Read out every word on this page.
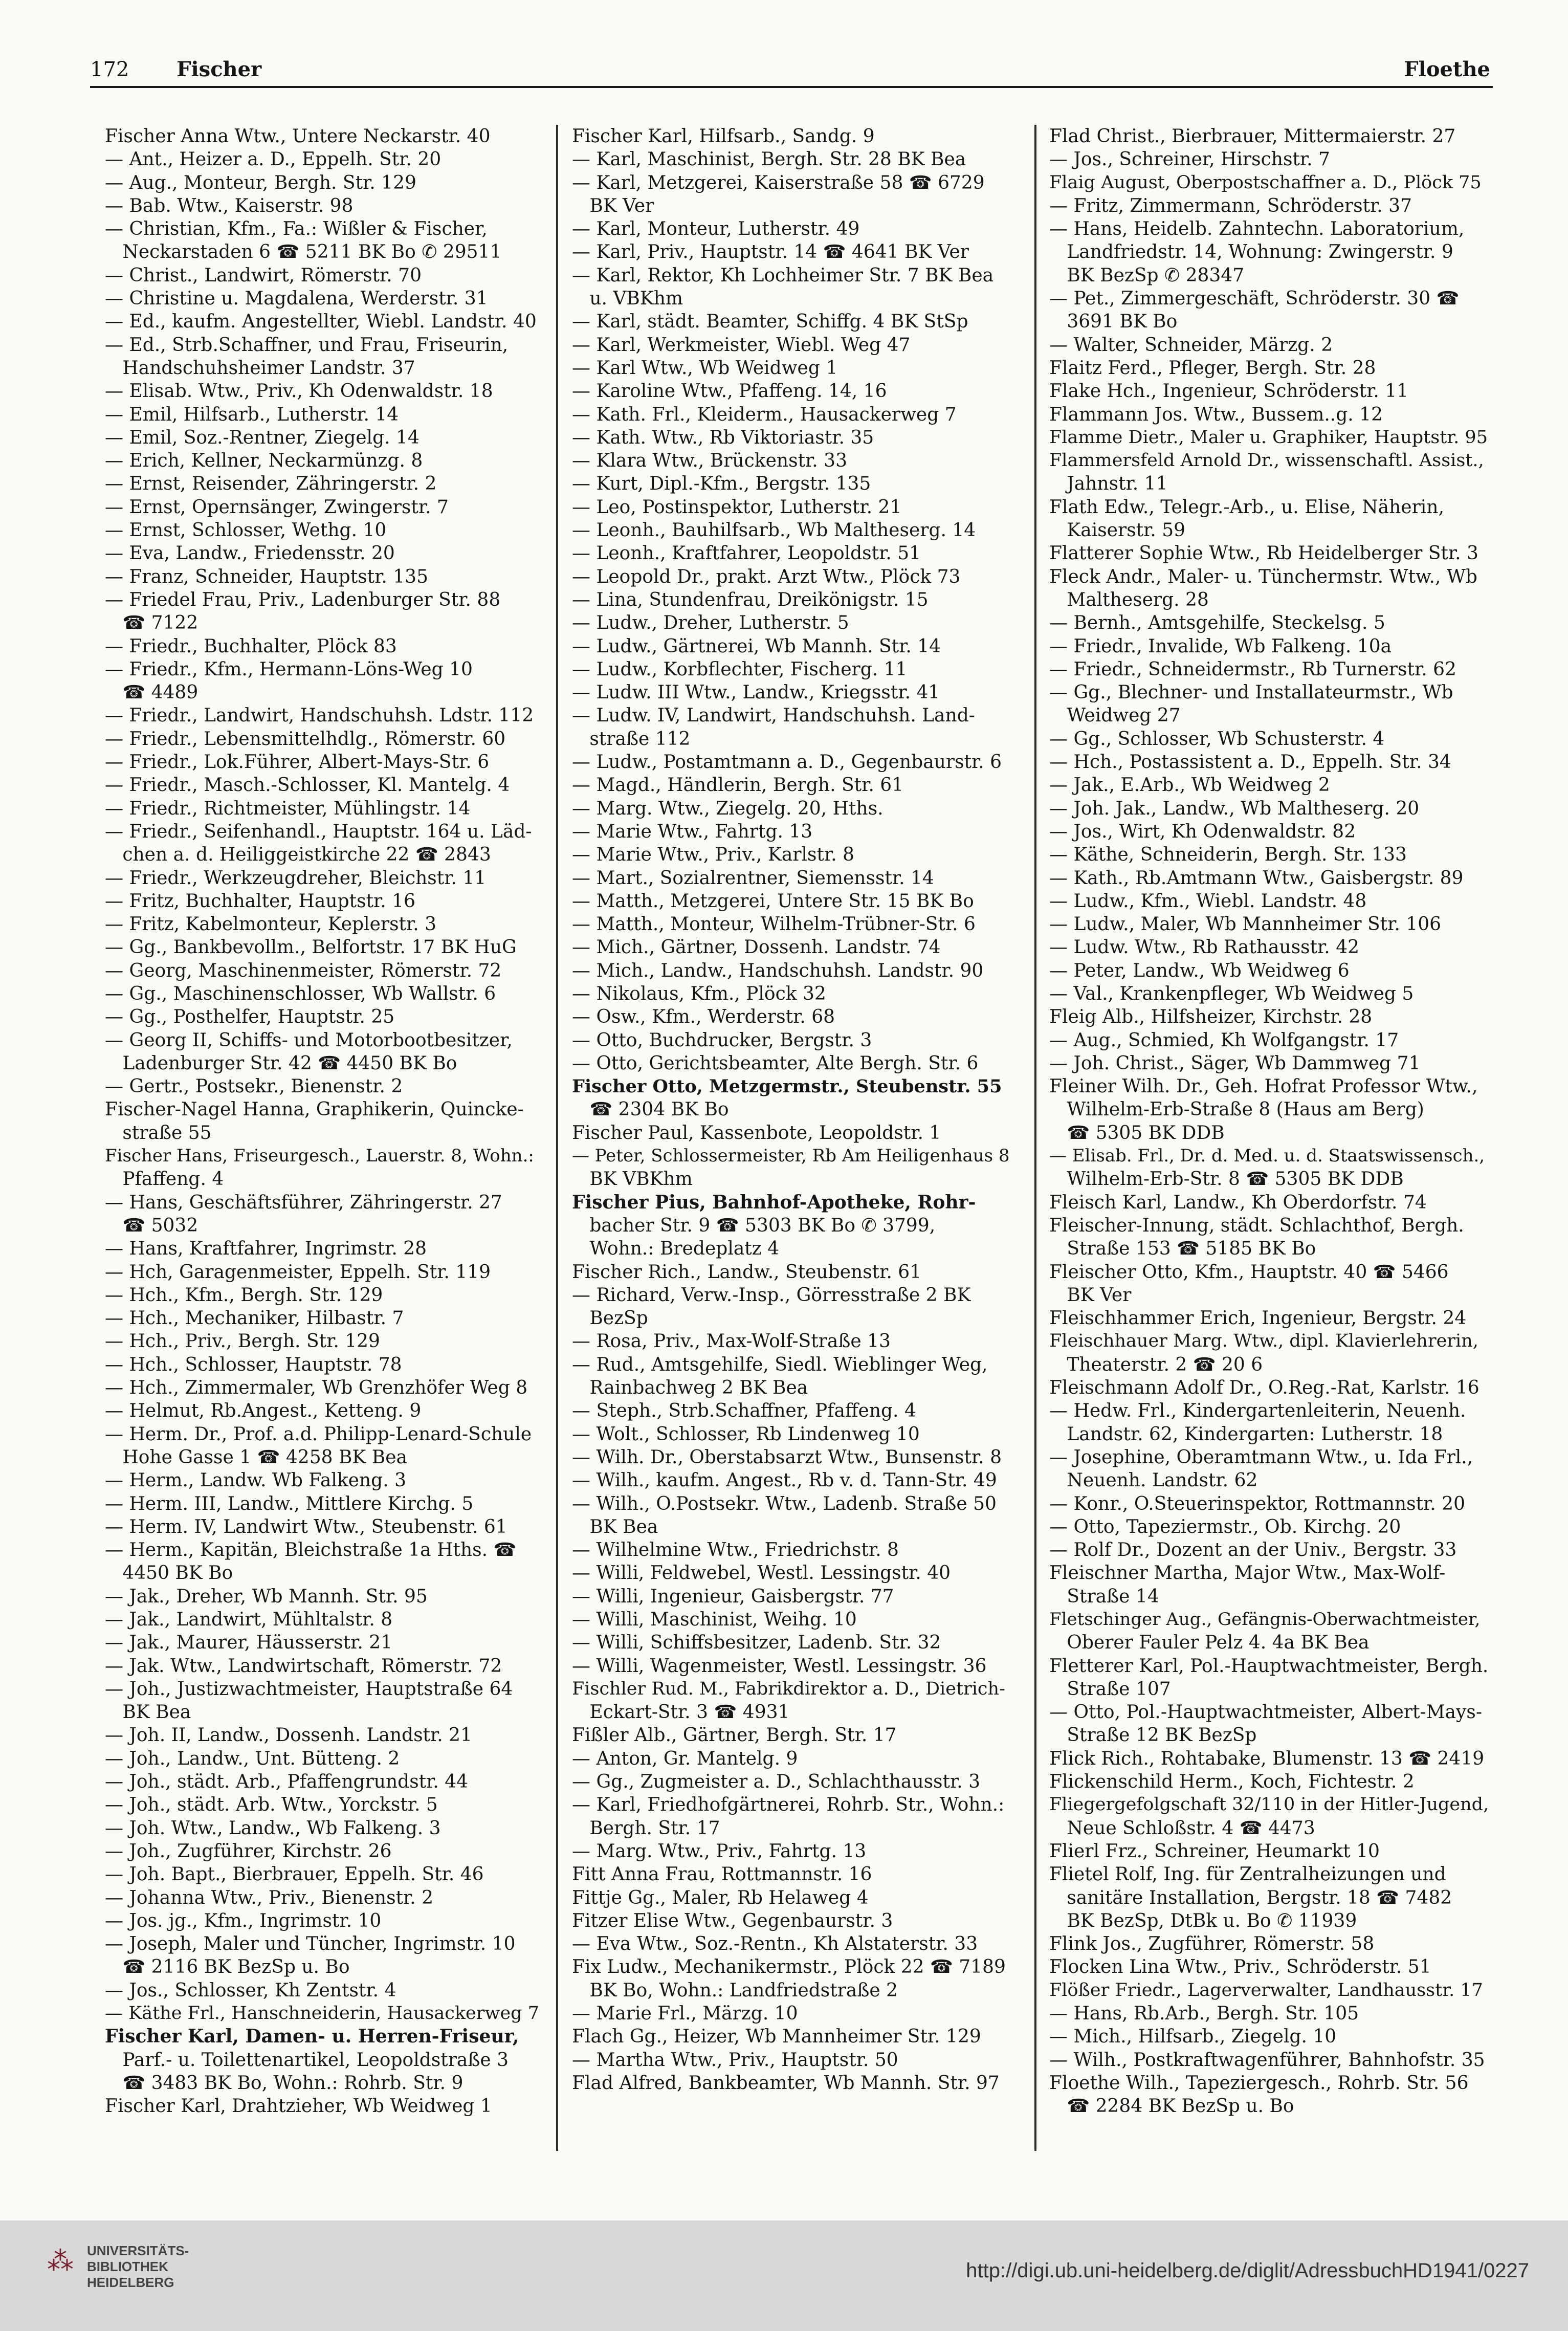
172 Fischer	Floethe
Fischer Anna Wtw., Untere Neckarstr. 40
— Ant., Heizer a. D., Eppelh. Str. 20
— Aug., Monteur, Bergh. Str. 129
— Bab. Wtw., Kaiserstr. 98
— Christian, Kfm., Fa.: Wißler & Fischer,
Neckarstaden 6 ☎ 5211 BK Bo ✆ 29511
— Christ., Landwirt, Römerstr. 70
— Christine u. Magdalena, Werderstr. 31
— Ed., kaufm. Angestellter, Wiebl. Landstr. 40
— Ed., Strb.Schaffner, und Frau, Friseurin,
Handschuhsheimer Landstr. 37
— Elisab. Wtw., Priv., Kh Odenwaldstr. 18
— Emil, Hilfsarb., Lutherstr. 14
— Emil, Soz.-Rentner, Ziegelg. 14
— Erich, Kellner, Neckarmünzg. 8
— Ernst, Reisender, Zähringerstr. 2
— Ernst, Opernsänger, Zwingerstr. 7
— Ernst, Schlosser, Wethg. 10
— Eva, Landw., Friedensstr. 20
— Franz, Schneider, Hauptstr. 135
— Friedel Frau, Priv., Ladenburger Str. 88
☎ 7122
— Friedr., Buchhalter, Plöck 83
— Friedr., Kfm., Hermann-Löns-Weg 10
☎ 4489
— Friedr., Landwirt, Handschuhsh. Ldstr. 112
— Friedr., Lebensmittelhdlg., Römerstr. 60
— Friedr., Lok.Führer, Albert-Mays-Str. 6
— Friedr., Masch.-Schlosser, Kl. Mantelg. 4
— Friedr., Richtmeister, Mühlingstr. 14
— Friedr., Seifenhandl., Hauptstr. 164 u. Läd-
chen a. d. Heiliggeistkirche 22 ☎ 2843
— Friedr., Werkzeugdreher, Bleichstr. 11
— Fritz, Buchhalter, Hauptstr. 16
— Fritz, Kabelmonteur, Keplerstr. 3
— Gg., Bankbevollm., Belfortstr. 17 BK HuG
— Georg, Maschinenmeister, Römerstr. 72
— Gg., Maschinenschlosser, Wb Wallstr. 6
— Gg., Posthelfer, Hauptstr. 25
— Georg II, Schiffs- und Motorbootbesitzer,
Ladenburger Str. 42 ☎ 4450 BK Bo
— Gertr., Postsekr., Bienenstr. 2
Fischer-Nagel Hanna, Graphikerin, Quincke-
straße 55
Fischer Hans, Friseurgesch., Lauerstr. 8, Wohn.:
Pfaffeng. 4
— Hans, Geschäftsführer, Zähringerstr. 27
☎ 5032
— Hans, Kraftfahrer, Ingrimstr. 28
— Hch, Garagenmeister, Eppelh. Str. 119
— Hch., Kfm., Bergh. Str. 129
— Hch., Mechaniker, Hilbastr. 7
— Hch., Priv., Bergh. Str. 129
— Hch., Schlosser, Hauptstr. 78
— Hch., Zimmermaler, Wb Grenzhöfer Weg 8
— Helmut, Rb.Angest., Ketteng. 9
— Herm. Dr., Prof. a.d. Philipp-Lenard-Schule
Hohe Gasse 1 ☎ 4258 BK Bea
— Herm., Landw. Wb Falkeng. 3
— Herm. III, Landw., Mittlere Kirchg. 5
— Herm. IV, Landwirt Wtw., Steubenstr. 61
— Herm., Kapitän, Bleichstraße 1a Hths. ☎
4450 BK Bo
— Jak., Dreher, Wb Mannh. Str. 95
— Jak., Landwirt, Mühltalstr. 8
— Jak., Maurer, Häusserstr. 21
— Jak. Wtw., Landwirtschaft, Römerstr. 72
— Joh., Justizwachtmeister, Hauptstraße 64
BK Bea
— Joh. II, Landw., Dossenh. Landstr. 21
— Joh., Landw., Unt. Bütteng. 2
— Joh., städt. Arb., Pfaffengrundstr. 44
— Joh., städt. Arb. Wtw., Yorckstr. 5
— Joh. Wtw., Landw., Wb Falkeng. 3
— Joh., Zugführer, Kirchstr. 26
— Joh. Bapt., Bierbrauer, Eppelh. Str. 46
— Johanna Wtw., Priv., Bienenstr. 2
— Jos. jg., Kfm., Ingrimstr. 10
— Joseph, Maler und Tüncher, Ingrimstr. 10
☎ 2116 BK BezSp u. Bo
— Jos., Schlosser, Kh Zentstr. 4
— Käthe Frl., Hanschneiderin, Hausackerweg 7
Fischer Karl, Damen- u. Herren-Friseur,
Parf.- u. Toilettenartikel, Leopoldstraße 3
☎ 3483 BK Bo, Wohn.: Rohrb. Str. 9
Fischer Karl, Drahtzieher, Wb Weidweg 1
Fischer Karl, Hilfsarb., Sandg. 9
— Karl, Maschinist, Bergh. Str. 28 BK Bea
— Karl, Metzgerei, Kaiserstraße 58 ☎ 6729
BK Ver
— Karl, Monteur, Lutherstr. 49
— Karl, Priv., Hauptstr. 14 ☎ 4641 BK Ver
— Karl, Rektor, Kh Lochheimer Str. 7 BK Bea
u. VBKhm
— Karl, städt. Beamter, Schiffg. 4 BK StSp
— Karl, Werkmeister, Wiebl. Weg 47
— Karl Wtw., Wb Weidweg 1
— Karoline Wtw., Pfaffeng. 14, 16
— Kath. Frl., Kleiderm., Hausackerweg 7
— Kath. Wtw., Rb Viktoriastr. 35
— Klara Wtw., Brückenstr. 33
— Kurt, Dipl.-Kfm., Bergstr. 135
— Leo, Postinspektor, Lutherstr. 21
— Leonh., Bauhilfsarb., Wb Maltheserg. 14
— Leonh., Kraftfahrer, Leopoldstr. 51
— Leopold Dr., prakt. Arzt Wtw., Plöck 73
— Lina, Stundenfrau, Dreikönigstr. 15
— Ludw., Dreher, Lutherstr. 5
— Ludw., Gärtnerei, Wb Mannh. Str. 14
— Ludw., Korbflechter, Fischerg. 11
— Ludw. III Wtw., Landw., Kriegsstr. 41
— Ludw. IV, Landwirt, Handschuhsh. Land-
straße 112
— Ludw., Postamtmann a. D., Gegenbaurstr. 6
— Magd., Händlerin, Bergh. Str. 61
— Marg. Wtw., Ziegelg. 20, Hths.
— Marie Wtw., Fahrtg. 13
— Marie Wtw., Priv., Karlstr. 8
— Mart., Sozialrentner, Siemensstr. 14
— Matth., Metzgerei, Untere Str. 15 BK Bo
— Matth., Monteur, Wilhelm-Trübner-Str. 6
— Mich., Gärtner, Dossenh. Landstr. 74
— Mich., Landw., Handschuhsh. Landstr. 90
— Nikolaus, Kfm., Plöck 32
— Osw., Kfm., Werderstr. 68
— Otto, Buchdrucker, Bergstr. 3
— Otto, Gerichtsbeamter, Alte Bergh. Str. 6
Fischer Otto, Metzgermstr., Steubenstr. 55
☎ 2304 BK Bo
Fischer Paul, Kassenbote, Leopoldstr. 1
— Peter, Schlossermeister, Rb Am Heiligenhaus 8
BK VBKhm
Fischer Pius, Bahnhof-Apotheke, Rohr-
bacher Str. 9 ☎ 5303 BK Bo ✆ 3799,
Wohn.: Bredeplatz 4
Fischer Rich., Landw., Steubenstr. 61
— Richard, Verw.-Insp., Görresstraße 2 BK
BezSp
— Rosa, Priv., Max-Wolf-Straße 13
— Rud., Amtsgehilfe, Siedl. Wieblinger Weg,
Rainbachweg 2 BK Bea
— Steph., Strb.Schaffner, Pfaffeng. 4
— Wolt., Schlosser, Rb Lindenweg 10
— Wilh. Dr., Oberstabsarzt Wtw., Bunsenstr. 8
— Wilh., kaufm. Angest., Rb v. d. Tann-Str. 49
— Wilh., O.Postsekr. Wtw., Ladenb. Straße 50
BK Bea
— Wilhelmine Wtw., Friedrichstr. 8
— Willi, Feldwebel, Westl. Lessingstr. 40
— Willi, Ingenieur, Gaisbergstr. 77
— Willi, Maschinist, Weihg. 10
— Willi, Schiffsbesitzer, Ladenb. Str. 32
— Willi, Wagenmeister, Westl. Lessingstr. 36
Fischler Rud. M., Fabrikdirektor a. D., Dietrich-
Eckart-Str. 3 ☎ 4931
Fißler Alb., Gärtner, Bergh. Str. 17
— Anton, Gr. Mantelg. 9
— Gg., Zugmeister a. D., Schlachthausstr. 3
— Karl, Friedhofgärtnerei, Rohrb. Str., Wohn.:
Bergh. Str. 17
— Marg. Wtw., Priv., Fahrtg. 13
Fitt Anna Frau, Rottmannstr. 16
Fittje Gg., Maler, Rb Helaweg 4
Fitzer Elise Wtw., Gegenbaurstr. 3
— Eva Wtw., Soz.-Rentn., Kh Alstaterstr. 33
Fix Ludw., Mechanikermstr., Plöck 22 ☎ 7189
BK Bo, Wohn.: Landfriedstraße 2
— Marie Frl., Märzg. 10
Flach Gg., Heizer, Wb Mannheimer Str. 129
— Martha Wtw., Priv., Hauptstr. 50
Flad Alfred, Bankbeamter, Wb Mannh. Str. 97
Flad Christ., Bierbrauer, Mittermaierstr. 27
— Jos., Schreiner, Hirschstr. 7
Flaig August, Oberpostschaffner a. D., Plöck 75
— Fritz, Zimmermann, Schröderstr. 37
— Hans, Heidelb. Zahntechn. Laboratorium,
Landfriedstr. 14, Wohnung: Zwingerstr. 9
BK BezSp ✆ 28347
— Pet., Zimmergeschäft, Schröderstr. 30 ☎
3691 BK Bo
— Walter, Schneider, Märzg. 2
Flaitz Ferd., Pfleger, Bergh. Str. 28
Flake Hch., Ingenieur, Schröderstr. 11
Flammann Jos. Wtw., Bussem..g. 12
Flamme Dietr., Maler u. Graphiker, Hauptstr. 95
Flammersfeld Arnold Dr., wissenschaftl. Assist.,
Jahnstr. 11
Flath Edw., Telegr.-Arb., u. Elise, Näherin,
Kaiserstr. 59
Flatterer Sophie Wtw., Rb Heidelberger Str. 3
Fleck Andr., Maler- u. Tünchermstr. Wtw., Wb
Maltheserg. 28
— Bernh., Amtsgehilfe, Steckelsg. 5
— Friedr., Invalide, Wb Falkeng. 10a
— Friedr., Schneidermstr., Rb Turnerstr. 62
— Gg., Blechner- und Installateurmstr., Wb
Weidweg 27
— Gg., Schlosser, Wb Schusterstr. 4
— Hch., Postassistent a. D., Eppelh. Str. 34
— Jak., E.Arb., Wb Weidweg 2
— Joh. Jak., Landw., Wb Maltheserg. 20
— Jos., Wirt, Kh Odenwaldstr. 82
— Käthe, Schneiderin, Bergh. Str. 133
— Kath., Rb.Amtmann Wtw., Gaisbergstr. 89
— Ludw., Kfm., Wiebl. Landstr. 48
— Ludw., Maler, Wb Mannheimer Str. 106
— Ludw. Wtw., Rb Rathausstr. 42
— Peter, Landw., Wb Weidweg 6
— Val., Krankenpfleger, Wb Weidweg 5
Fleig Alb., Hilfsheizer, Kirchstr. 28
— Aug., Schmied, Kh Wolfgangstr. 17
— Joh. Christ., Säger, Wb Dammweg 71
Fleiner Wilh. Dr., Geh. Hofrat Professor Wtw.,
Wilhelm-Erb-Straße 8 (Haus am Berg)
☎ 5305 BK DDB
— Elisab. Frl., Dr. d. Med. u. d. Staatswissensch.,
Wilhelm-Erb-Str. 8 ☎ 5305 BK DDB
Fleisch Karl, Landw., Kh Oberdorfstr. 74
Fleischer-Innung, städt. Schlachthof, Bergh.
Straße 153 ☎ 5185 BK Bo
Fleischer Otto, Kfm., Hauptstr. 40 ☎ 5466
BK Ver
Fleischhammer Erich, Ingenieur, Bergstr. 24
Fleischhauer Marg. Wtw., dipl. Klavierlehrerin,
Theaterstr. 2 ☎ 20 6
Fleischmann Adolf Dr., O.Reg.-Rat, Karlstr. 16
— Hedw. Frl., Kindergartenleiterin, Neuenh.
Landstr. 62, Kindergarten: Lutherstr. 18
— Josephine, Oberamtmann Wtw., u. Ida Frl.,
Neuenh. Landstr. 62
— Konr., O.Steuerinspektor, Rottmannstr. 20
— Otto, Tapeziermstr., Ob. Kirchg. 20
— Rolf Dr., Dozent an der Univ., Bergstr. 33
Fleischner Martha, Major Wtw., Max-Wolf-
Straße 14
Fletschinger Aug., Gefängnis-Oberwachtmeister,
Oberer Fauler Pelz 4. 4a BK Bea
Fletterer Karl, Pol.-Hauptwachtmeister, Bergh.
Straße 107
— Otto, Pol.-Hauptwachtmeister, Albert-Mays-
Straße 12 BK BezSp
Flick Rich., Rohtabake, Blumenstr. 13 ☎ 2419
Flickenschild Herm., Koch, Fichtestr. 2
Fliegergefolgschaft 32/110 in der Hitler-Jugend,
Neue Schloßstr. 4 ☎ 4473
Flierl Frz., Schreiner, Heumarkt 10
Flietel Rolf, Ing. für Zentralheizungen und
sanitäre Installation, Bergstr. 18 ☎ 7482
BK BezSp, DtBk u. Bo ✆ 11939
Flink Jos., Zugführer, Römerstr. 58
Flocken Lina Wtw., Priv., Schröderstr. 51
Flößer Friedr., Lagerverwalter, Landhausstr. 17
— Hans, Rb.Arb., Bergh. Str. 105
— Mich., Hilfsarb., Ziegelg. 10
— Wilh., Postkraftwagenführer, Bahnhofstr. 35
Floethe Wilh., Tapeziergesch., Rohrb. Str. 56
☎ 2284 BK BezSp u. Bo
⁂ UNIVERSITÄTS-
BIBLIOTHEK
HEIDELBERG
http://digi.ub.uni-heidelberg.de/diglit/AdressbuchHD1941/0227
